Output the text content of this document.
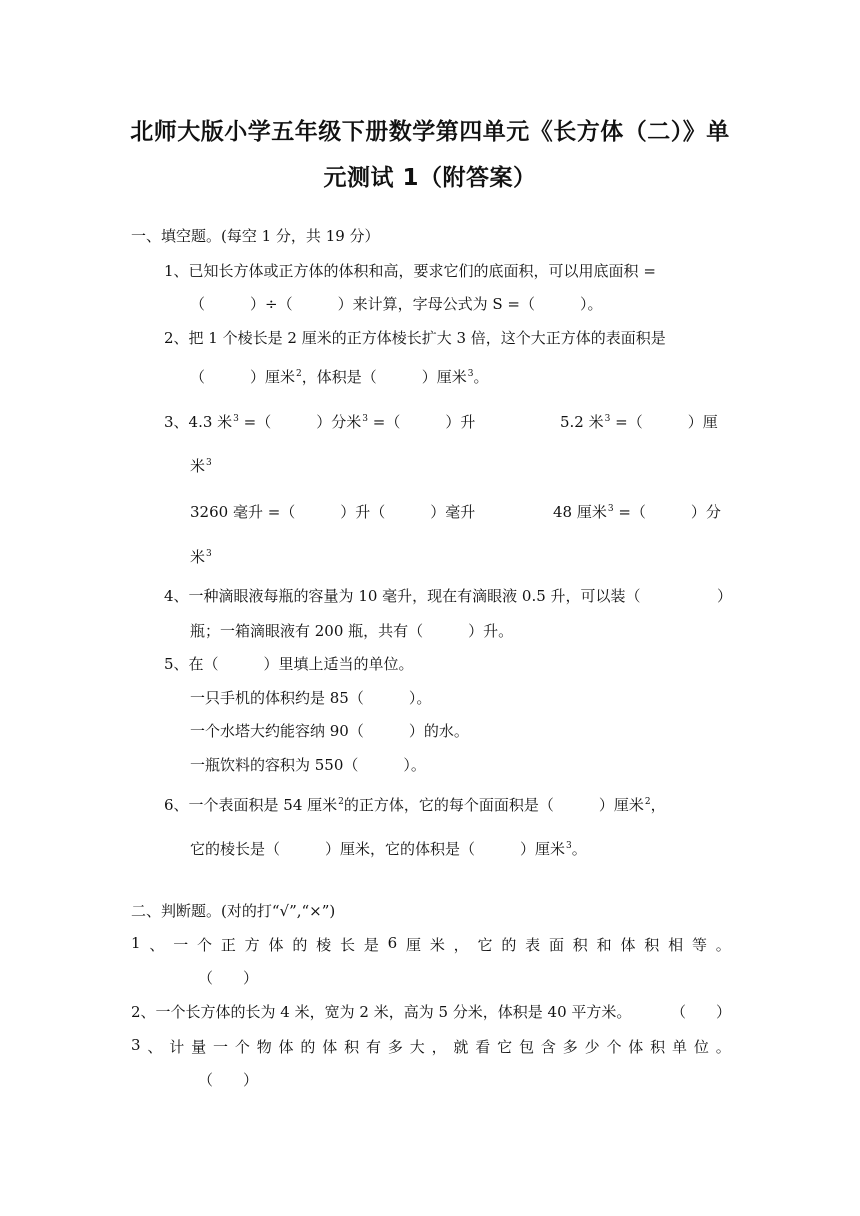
北师大版小学五年级下册数学第四单元《长方体（二）》单
元测试 1（附答案）
一、填空题。(每空 1 分，共 19 分）
1、已知长方体或正方体的体积和高，要求它们的底面积，可以用底面积 =
（　　　）÷（　　　）来计算，字母公式为 S =（　　　）。
2、把 1 个棱长是 2 厘米的正方体棱长扩大 3 倍，这个大正方体的表面积是
（　　　）厘米$^2$，体积是（　　　）厘米$^3$。
3、4.3 米$^3$ =（　　　）分米$^3$ =（　　　）升	5.2 米$^3$ =（　　　）厘
米$^3$
3260 毫升 =（　　　）升（　　　）毫升	48 厘米$^3$ =（　　　）分
米$^3$
4、一种滴眼液每瓶的容量为 10 毫升，现在有滴眼液 0.5 升，可以装（	）
瓶；一箱滴眼液有 200 瓶，共有（　　　）升。
5、在（　　　）里填上适当的单位。
一只手机的体积约是 85（　　　）。
一个水塔大约能容纳 90（　　　）的水。
一瓶饮料的容积为 550（　　　）。
6、一个表面积是 54 厘米$^2$的正方体，它的每个面面积是（　　　）厘米$^2$，
它的棱长是（　　　）厘米，它的体积是（　　　）厘米$^3$。
二、判断题。(对的打“√”,“×”)
1 、 一 个 正 方 体 的 棱 长 是 6 厘 米 ， 它 的 表 面 积 和 体 积 相 等 。
（　　）
2、一个长方体的长为 4 米，宽为 2 米，高为 5 分米，体积是 40 平方米。	（　　）
3 、 计 量 一 个 物 体 的 体 积 有 多 大 ， 就 看 它 包 含 多 少 个 体 积 单 位 。
（　　）
